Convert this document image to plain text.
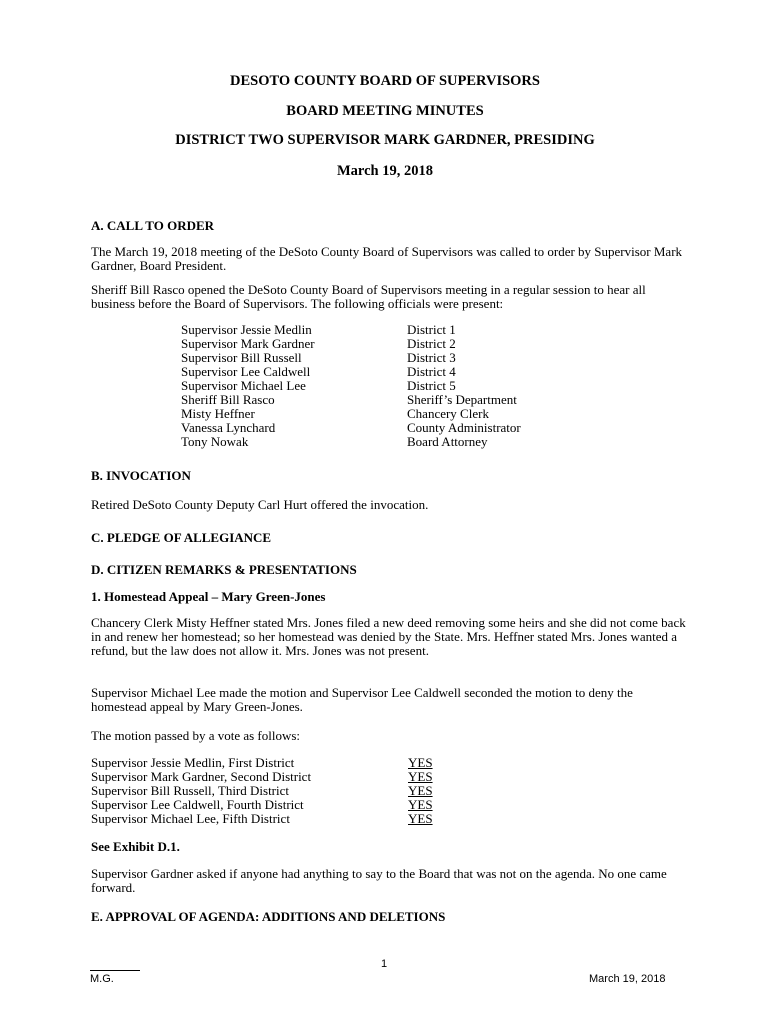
DESOTO COUNTY BOARD OF SUPERVISORS
BOARD MEETING MINUTES
DISTRICT TWO SUPERVISOR MARK GARDNER, PRESIDING
March 19, 2018
A. CALL TO ORDER
The March 19, 2018 meeting of the DeSoto County Board of Supervisors was called to order by Supervisor Mark Gardner, Board President.
Sheriff Bill Rasco opened the DeSoto County Board of Supervisors meeting in a regular session to hear all business before the Board of Supervisors. The following officials were present:
Supervisor Jessie Medlin	District 1
Supervisor Mark Gardner	District 2
Supervisor Bill Russell	District 3
Supervisor Lee Caldwell	District 4
Supervisor Michael Lee	District 5
Sheriff Bill Rasco	Sheriff’s Department
Misty Heffner	Chancery Clerk
Vanessa Lynchard	County Administrator
Tony Nowak	Board Attorney
B. INVOCATION
Retired DeSoto County Deputy Carl Hurt offered the invocation.
C. PLEDGE OF ALLEGIANCE
D. CITIZEN REMARKS & PRESENTATIONS
1. Homestead Appeal – Mary Green-Jones
Chancery Clerk Misty Heffner stated Mrs. Jones filed a new deed removing some heirs and she did not come back in and renew her homestead; so her homestead was denied by the State. Mrs. Heffner stated Mrs. Jones wanted a refund, but the law does not allow it. Mrs. Jones was not present.
Supervisor Michael Lee made the motion and Supervisor Lee Caldwell seconded the motion to deny the homestead appeal by Mary Green-Jones.
The motion passed by a vote as follows:
Supervisor Jessie Medlin, First District	YES
Supervisor Mark Gardner, Second District	YES
Supervisor Bill Russell, Third District	YES
Supervisor Lee Caldwell, Fourth District	YES
Supervisor Michael Lee, Fifth District	YES
See Exhibit D.1.
Supervisor Gardner asked if anyone had anything to say to the Board that was not on the agenda. No one came forward.
E. APPROVAL OF AGENDA: ADDITIONS AND DELETIONS
1
M.G.	March 19, 2018
